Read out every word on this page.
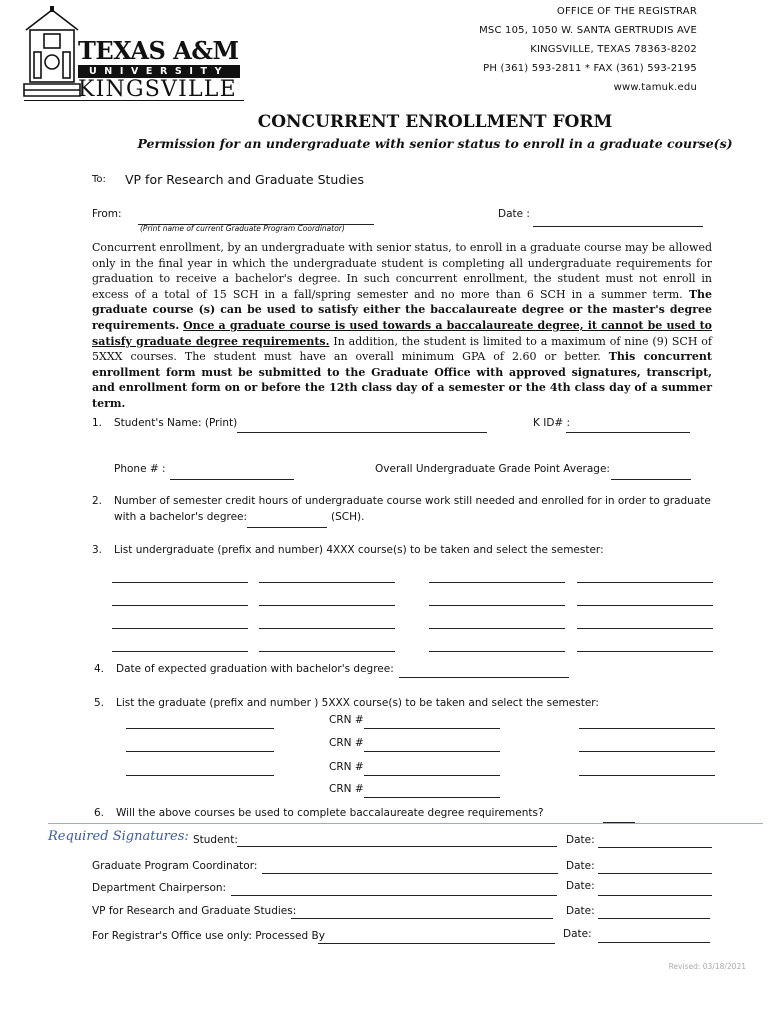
TEXAS A&M
UNIVERSITY
KINGSVILLE
OFFICE OF THE REGISTRAR
MSC 105, 1050 W. SANTA GERTRUDIS AVE
KINGSVILLE, TEXAS 78363-8202
PH (361) 593-2811 * FAX (361) 593-2195
www.tamuk.edu
CONCURRENT ENROLLMENT FORM
Permission for an undergraduate with senior status to enroll in a graduate course(s)
To: VP for Research and Graduate Studies
From:
(Print name of current Graduate Program Coordinator)
Date :
Concurrent enrollment, by an undergraduate with senior status, to enroll in a graduate course may be allowed only in the final year in which the undergraduate student is completing all undergraduate requirements for graduation to receive a bachelor's degree. In such concurrent enrollment, the student must not enroll in excess of a total of 15 SCH in a fall/spring semester and no more than 6 SCH in a summer term. The graduate course (s) can be used to satisfy either the baccalaureate degree or the master's degree requirements. Once a graduate course is used towards a baccalaureate degree, it cannot be used to satisfy graduate degree requirements. In addition, the student is limited to a maximum of nine (9) SCH of 5XXX courses. The student must have an overall minimum GPA of 2.60 or better. This concurrent enrollment form must be submitted to the Graduate Office with approved signatures, transcript, and enrollment form on or before the 12th class day of a semester or the 4th class day of a summer term.
1. Student's Name: (Print)	K ID# :
Phone # :	Overall Undergraduate Grade Point Average:
2. Number of semester credit hours of undergraduate course work still needed and enrolled for in order to graduate
with a bachelor's degree:	(SCH).
3. List undergraduate (prefix and number) 4XXX course(s) to be taken and select the semester:
4. Date of expected graduation with bachelor's degree:
5. List the graduate (prefix and number ) 5XXX course(s) to be taken and select the semester:
CRN #
CRN #
CRN #
CRN #
6. Will the above courses be used to complete baccalaureate degree requirements?
Required Signatures: Student:	Date:
Graduate Program Coordinator:	Date:
Department Chairperson:	Date:
VP for Research and Graduate Studies:	Date:
For Registrar's Office use only: Processed By	Date:
Revised: 03/18/2021
